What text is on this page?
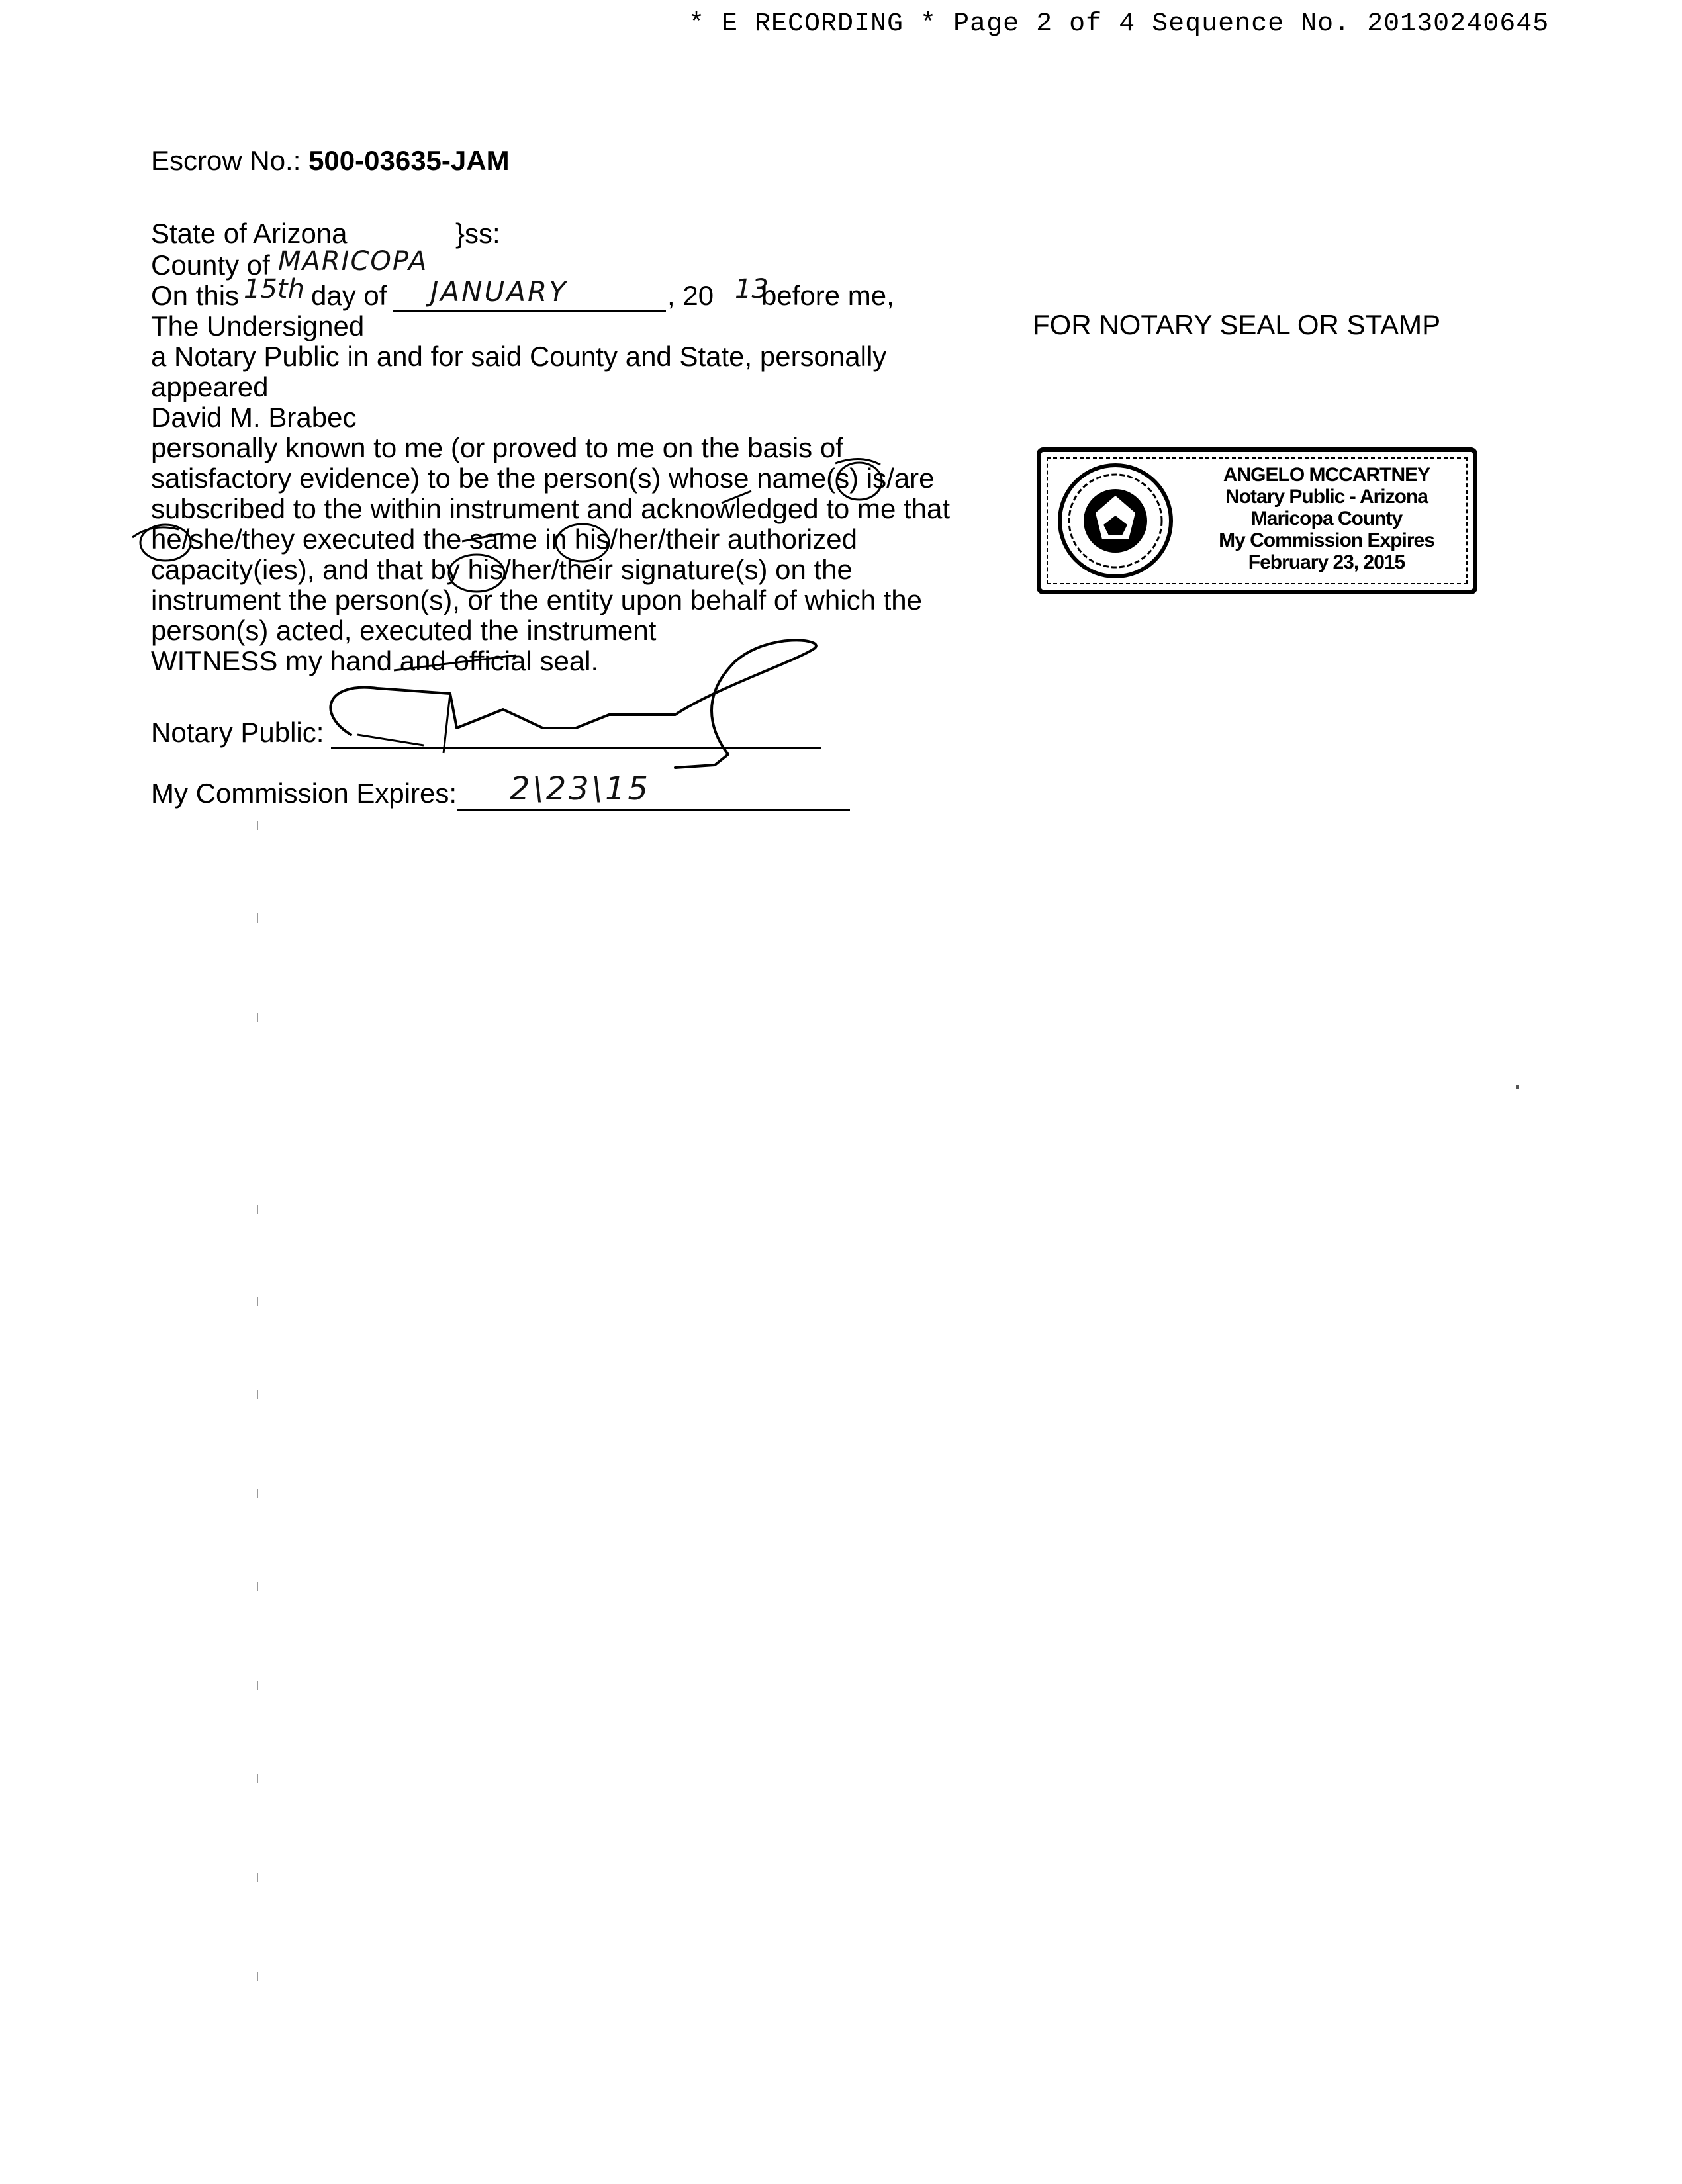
* E RECORDING * Page 2 of 4 Sequence No. 20130240645
Escrow No.: 500-03635-JAM
State of Arizona	}ss:
County of MARICOPA
On this 15th day of JANUARY	, 20 13
before me,
The Undersigned
a Notary Public in and for said County and State, personally
appeared
David M. Brabec
personally known to me (or proved to me on the basis of
satisfactory evidence) to be the person(s) whose name(s) is/are
subscribed to the within instrument and acknowledged to me that
he/she/they executed the same in his/her/their authorized
capacity(ies), and that by his/her/their signature(s) on the
instrument the person(s), or the entity upon behalf of which the
person(s) acted, executed the instrument
WITNESS my hand and official seal.
Notary Public:
My Commission Expires: 2\23\15
FOR NOTARY SEAL OR STAMP
ANGELO MCCARTNEY
Notary Public - Arizona
Maricopa County
My Commission Expires
February 23, 2015
